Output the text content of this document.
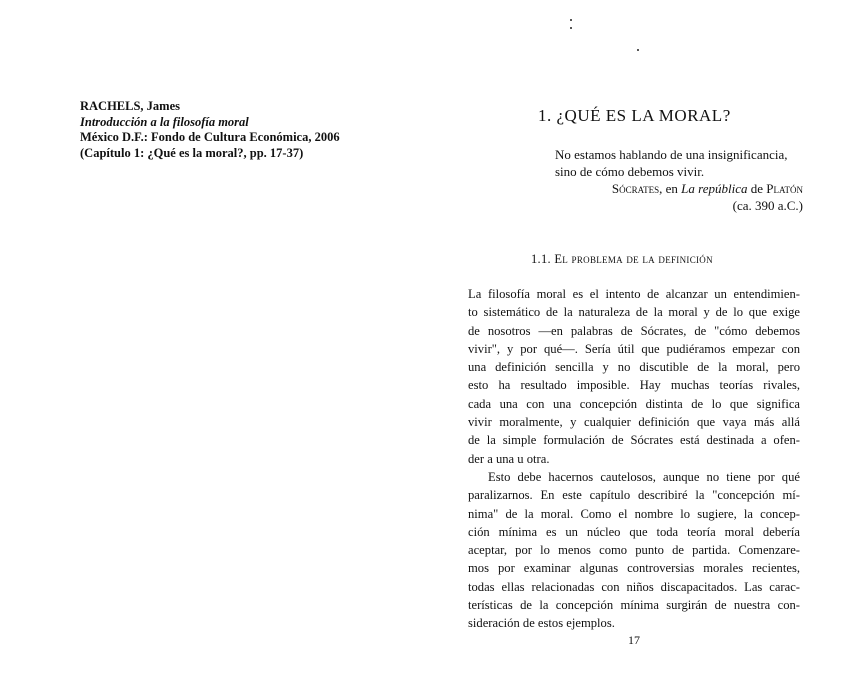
RACHELS, James
Introducción a la filosofía moral
México D.F.: Fondo de Cultura Económica, 2006
(Capítulo 1: ¿Qué es la moral?, pp. 17-37)
1. ¿QUÉ ES LA MORAL?
No estamos hablando de una insignificancia,
sino de cómo debemos vivir.
Sócrates, en La república de Platón
(ca. 390 a.C.)
1.1. El problema de la definición
La filosofía moral es el intento de alcanzar un entendimien-
to sistemático de la naturaleza de la moral y de lo que exige
de nosotros —en palabras de Sócrates, de "cómo debemos
vivir", y por qué—. Sería útil que pudiéramos empezar con
una definición sencilla y no discutible de la moral, pero
esto ha resultado imposible. Hay muchas teorías rivales,
cada una con una concepción distinta de lo que significa
vivir moralmente, y cualquier definición que vaya más allá
de la simple formulación de Sócrates está destinada a ofen-
der a una u otra.
Esto debe hacernos cautelosos, aunque no tiene por qué
paralizarnos. En este capítulo describiré la "concepción mí-
nima" de la moral. Como el nombre lo sugiere, la concep-
ción mínima es un núcleo que toda teoría moral debería
aceptar, por lo menos como punto de partida. Comenzare-
mos por examinar algunas controversias morales recientes,
todas ellas relacionadas con niños discapacitados. Las carac-
terísticas de la concepción mínima surgirán de nuestra con-
sideración de estos ejemplos.
17
